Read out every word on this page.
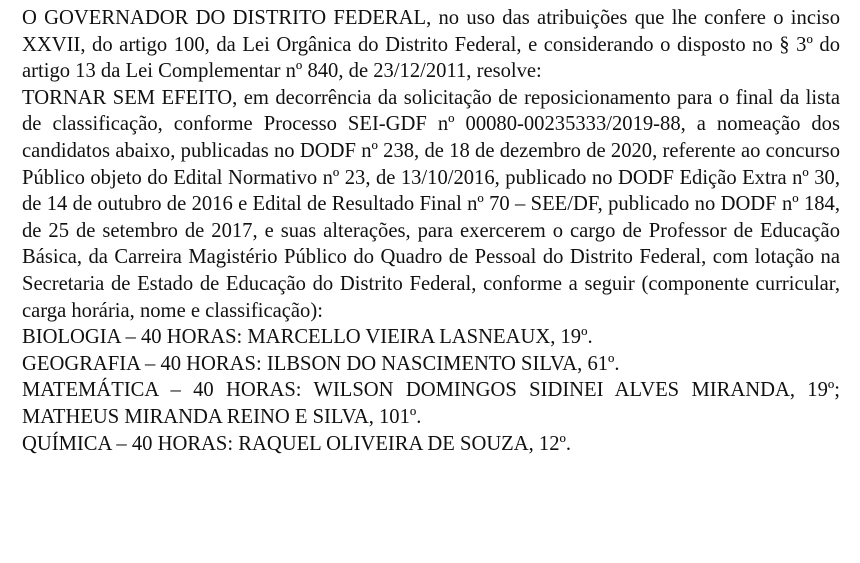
O GOVERNADOR DO DISTRITO FEDERAL, no uso das atribuições que lhe confere o inciso XXVII, do artigo 100, da Lei Orgânica do Distrito Federal, e considerando o disposto no § 3º do artigo 13 da Lei Complementar nº 840, de 23/12/2011, resolve:

TORNAR SEM EFEITO, em decorrência da solicitação de reposicionamento para o final da lista de classificação, conforme Processo SEI-GDF nº 00080-00235333/2019-88, a nomeação dos candidatos abaixo, publicadas no DODF nº 238, de 18 de dezembro de 2020, referente ao concurso Público objeto do Edital Normativo nº 23, de 13/10/2016, publicado no DODF Edição Extra nº 30, de 14 de outubro de 2016 e Edital de Resultado Final nº 70 – SEE/DF, publicado no DODF nº 184, de 25 de setembro de 2017, e suas alterações, para exercerem o cargo de Professor de Educação Básica, da Carreira Magistério Público do Quadro de Pessoal do Distrito Federal, com lotação na Secretaria de Estado de Educação do Distrito Federal, conforme a seguir (componente curricular, carga horária, nome e classificação):

BIOLOGIA – 40 HORAS: MARCELLO VIEIRA LASNEAUX, 19º.

GEOGRAFIA – 40 HORAS: ILBSON DO NASCIMENTO SILVA, 61º.

MATEMÁTICA – 40 HORAS: WILSON DOMINGOS SIDINEI ALVES MIRANDA, 19º; MATHEUS MIRANDA REINO E SILVA, 101º.

QUÍMICA – 40 HORAS: RAQUEL OLIVEIRA DE SOUZA, 12º.
